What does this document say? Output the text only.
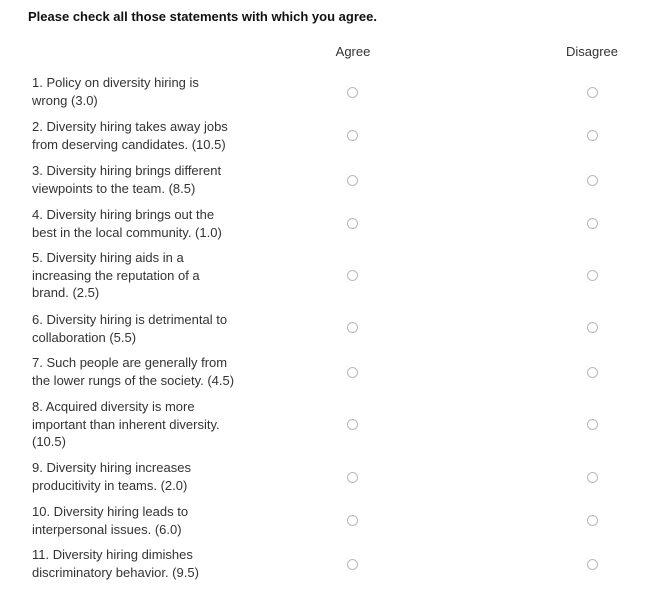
Please check all those statements with which you agree.
Agree	Disagree
1. Policy on diversity hiring is wrong (3.0)
2. Diversity hiring takes away jobs from deserving candidates. (10.5)
3. Diversity hiring brings different viewpoints to the team. (8.5)
4. Diversity hiring brings out the best in the local community. (1.0)
5. Diversity hiring aids in a increasing the reputation of a brand. (2.5)
6. Diversity hiring is detrimental to collaboration (5.5)
7. Such people are generally from the lower rungs of the society. (4.5)
8. Acquired diversity is more important than inherent diversity. (10.5)
9. Diversity hiring increases producitivity in teams. (2.0)
10. Diversity hiring leads to interpersonal issues. (6.0)
11. Diversity hiring dimishes discriminatory behavior. (9.5)
